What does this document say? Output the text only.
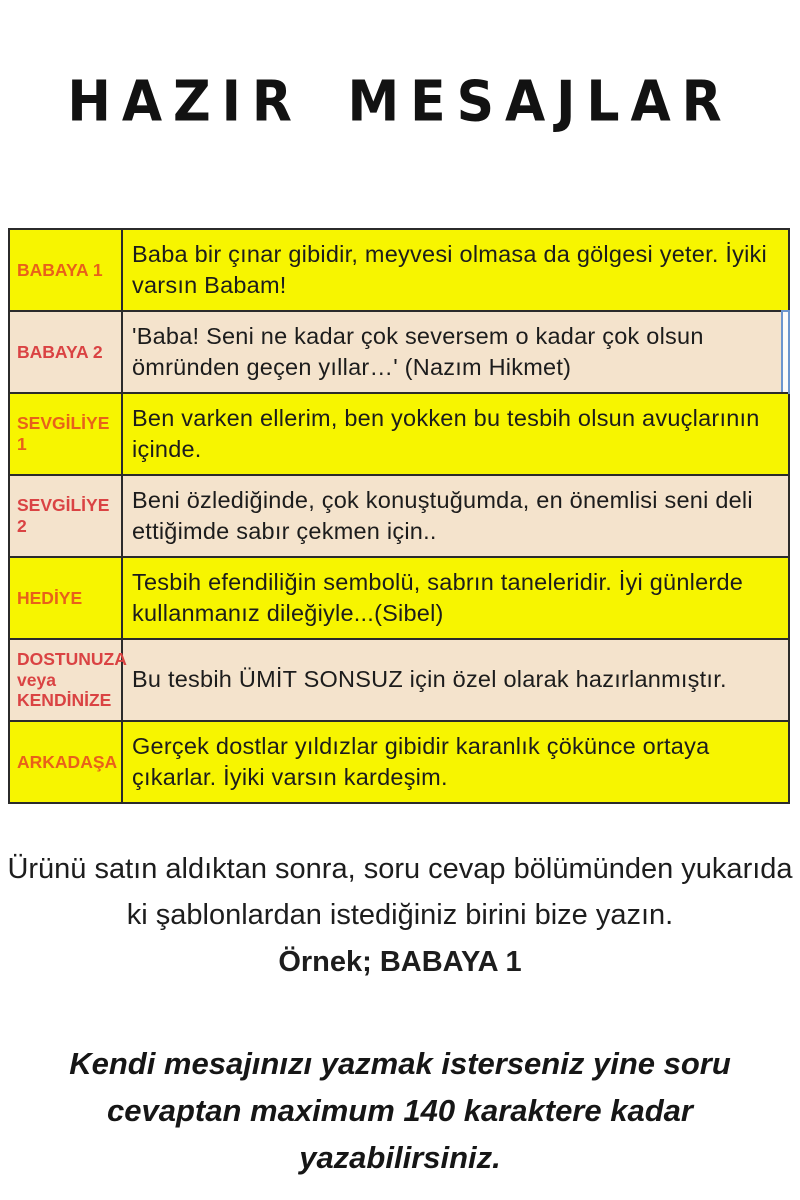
HAZIR MESAJLAR
BABAYA 1
Baba bir çınar gibidir, meyvesi olmasa da gölgesi yeter. İyiki varsın Babam!
BABAYA 2
'Baba! Seni ne kadar çok seversem o kadar çok olsun ömründen geçen yıllar…' (Nazım Hikmet)
SEVGİLİYE 1
Ben varken ellerim, ben yokken bu tesbih olsun avuçlarının içinde.
SEVGİLİYE 2
Beni özlediğinde, çok konuştuğumda, en önemlisi seni deli ettiğimde sabır çekmen için..
HEDİYE
Tesbih efendiliğin sembolü, sabrın taneleridir. İyi günlerde kullanmanız dileğiyle...(Sibel)
DOSTUNUZA veya KENDİNİZE
Bu tesbih ÜMİT SONSUZ için özel olarak hazırlanmıştır.
ARKADAŞA
Gerçek dostlar yıldızlar gibidir karanlık çökünce ortaya çıkarlar. İyiki varsın kardeşim.
Ürünü satın aldıktan sonra, soru cevap bölümünden yukarıda ki şablonlardan istediğiniz birini bize yazın.
Örnek; BABAYA 1
Kendi mesajınızı yazmak isterseniz yine soru cevaptan maximum 140 karaktere kadar yazabilirsiniz.
